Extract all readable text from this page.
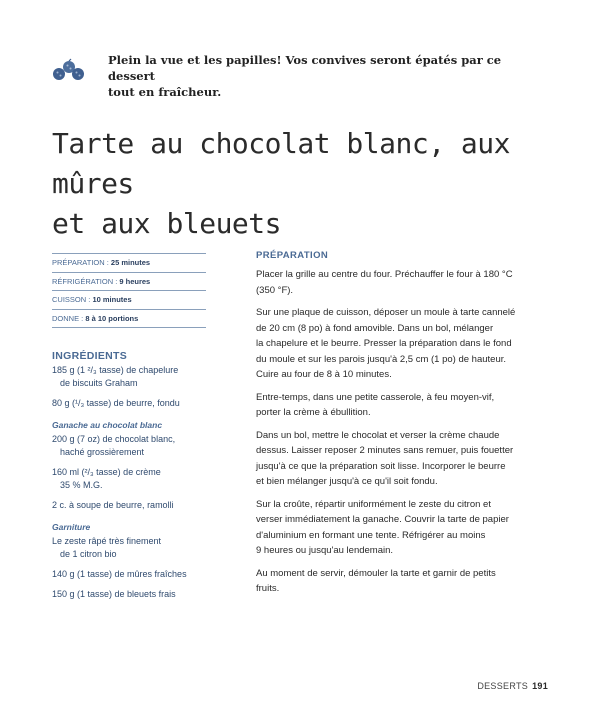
Plein la vue et les papilles! Vos convives seront épatés par ce dessert
tout en fraîcheur.
Tarte au chocolat blanc, aux mûres
et aux bleuets
PRÉPARATION : 25 minutes
RÉFRIGÉRATION : 9 heures
CUISSON : 10 minutes
DONNE : 8 à 10 portions
INGRÉDIENTS
185 g (1 ²/₃ tasse) de chapelure
de biscuits Graham
80 g (¹/₃ tasse) de beurre, fondu
Ganache au chocolat blanc
200 g (7 oz) de chocolat blanc,
haché grossièrement
160 ml (²/₃ tasse) de crème
35 % M.G.
2 c. à soupe de beurre, ramolli
Garniture
Le zeste râpé très finement
de 1 citron bio
140 g (1 tasse) de mûres fraîches
150 g (1 tasse) de bleuets frais
PRÉPARATION
Placer la grille au centre du four. Préchauffer le four à 180 °C
(350 °F).
Sur une plaque de cuisson, déposer un moule à tarte cannelé
de 20 cm (8 po) à fond amovible. Dans un bol, mélanger
la chapelure et le beurre. Presser la préparation dans le fond
du moule et sur les parois jusqu'à 2,5 cm (1 po) de hauteur.
Cuire au four de 8 à 10 minutes.
Entre-temps, dans une petite casserole, à feu moyen-vif,
porter la crème à ébullition.
Dans un bol, mettre le chocolat et verser la crème chaude
dessus. Laisser reposer 2 minutes sans remuer, puis fouetter
jusqu'à ce que la préparation soit lisse. Incorporer le beurre
et bien mélanger jusqu'à ce qu'il soit fondu.
Sur la croûte, répartir uniformément le zeste du citron et
verser immédiatement la ganache. Couvrir la tarte de papier
d'aluminium en formant une tente. Réfrigérer au moins
9 heures ou jusqu'au lendemain.
Au moment de servir, démouler la tarte et garnir de petits
fruits.
DESSERTS 191
